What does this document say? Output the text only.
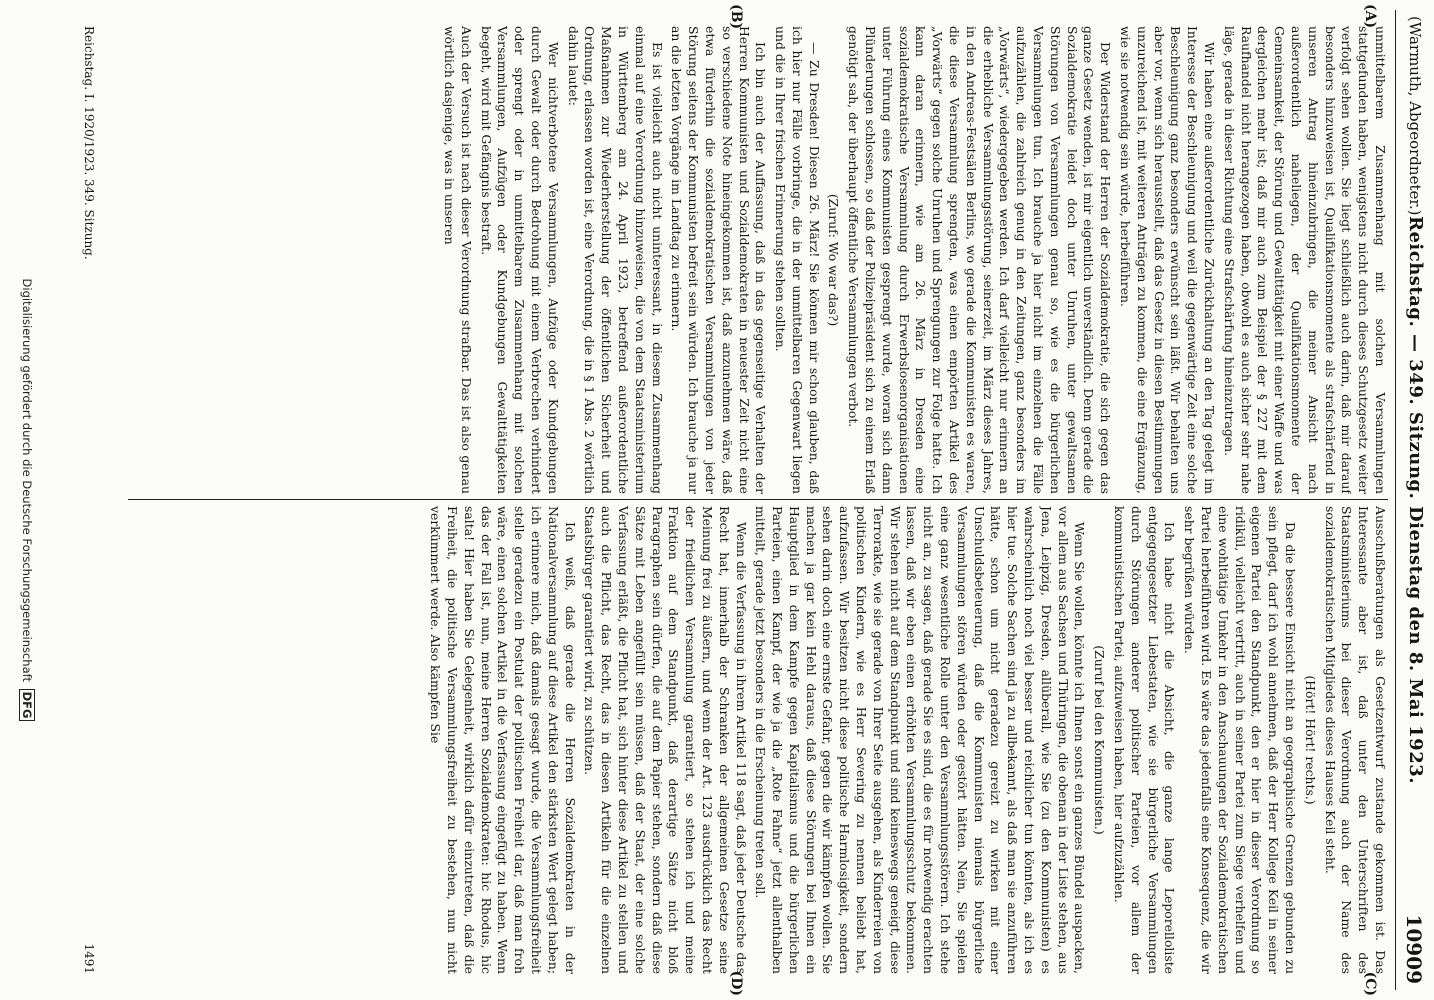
(Warmuth, Abgeordneter.)
Reichstag. — 349. Sitzung. Dienstag den 8. Mai 1923.
10909
(A)
(B)
(C)
(D)

unmittelbarem Zusammenhang mit solchen Versammlungen stattgefunden haben, wenigstens nicht durch dieses Schutzgesetz weiter verfolgt sehen wollen. Sie liegt schließlich auch darin, daß mir darauf besonders hinzuweisen ist, Qualifikationsmomente als strafschärfend in unseren Antrag hineinzubringen, die meiner Ansicht nach außerordentlich naheliegen, der Qualifikationsmomente der Gemeinsamkeit, der Störung und Gewalttätigkeit mit einer Waffe und was dergleichen mehr ist; daß mir auch zum Beispiel der § 227 mit dem Raufhandel nicht herangezogen haben, obwohl es auch sicher sehr nahe läge, gerade in dieser Richtung eine Strafschärfung hineinzutragen.

Wir haben eine außerordentliche Zurückhaltung an den Tag gelegt im Interesse der Beschleunigung und weil die gegenwärtige Zeit eine solche Beschleunigung ganz besonders erwünscht sein läßt. Wir behalten uns aber vor, wenn sich herausstellt, daß das Gesetz in diesen Bestimmungen unzureichend ist, mit weiteren Anträgen zu kommen, die eine Ergänzung, wie sie notwendig sein würde, herbeiführen.

Der Widerstand der Herren der Sozialdemokratie, die sich gegen das ganze Gesetz wenden, ist mir eigentlich unverständlich. Denn gerade die Sozialdemokratie leidet doch unter Unruhen, unter gewaltsamen Störungen von Versammlungen genau so, wie es die bürgerlichen Versammlungen tun. Ich brauche ja hier nicht im einzelnen die Fälle aufzuzählen, die zahlreich genug in den Zeitungen, ganz besonders im „Vorwärts“, wiedergegeben werden. Ich darf vielleicht nur erinnern an die erhebliche Versammlungsstörung, seinerzeit, im März dieses Jahres, in den Andreas-Festsälen Berlins, wo gerade die Kommunisten es waren, die diese Versammlung sprengten, was einen empörten Artikel des „Vorwärts“ gegen solche Unruhen und Sprengungen zur Folge hatte. Ich kann daran erinnern, wie am 26. März in Dresden eine sozialdemokratische Versammlung durch Erwerbslosenorganisationen unter Führung eines Kommunisten gesprengt wurde, woran sich dann Plünderungen schlossen, so daß der Polizeipräsident sich zu einem Erlaß genötigt sah, der überhaupt öffentliche Versammlungen verbot.

(Zuruf: Wo war das?)

— Zu Dresden! Diesen 26. März! Sie können mir schon glauben, daß ich hier nur Fälle vorbringe, die in der unmittelbaren Gegenwart liegen und die in Ihrer frischen Erinnerung stehen sollten.

Ich bin auch der Auffassung, daß in das gegenseitige Verhalten der Herren Kommunisten und Sozialdemokraten in neuester Zeit nicht eine so verschiedene Note hineingekommen ist, daß anzunehmen wäre, daß etwa fürderhin die sozialdemokratischen Versammlungen von jeder Störung seitens der Kommunisten befreit sein würden. Ich brauche ja nur an die letzten Vorgänge im Landtag zu erinnern.

Es ist vielleicht auch nicht uninteressant, in diesem Zusammenhang einmal auf eine Verordnung hinzuweisen, die von dem Staatsministerium in Württemberg am 24. April 1923, betreffend außerordentliche Maßnahmen zur Wiederherstellung der öffentlichen Sicherheit und Ordnung, erlassen worden ist, eine Verordnung, die in § 1 Abs. 2 wörtlich dahin lautet:

Wer nichtverbotene Versammlungen, Aufzüge oder Kundgebungen durch Gewalt oder durch Bedrohung mit einem Verbrechen verhindert oder sprengt oder in unmittelbarem Zusammenhang mit solchen Versammlungen, Aufzügen oder Kundgebungen Gewalttätigkeiten begeht, wird mit Gefängnis bestraft.

Auch der Versuch ist nach dieser Verordnung strafbar. Das ist also genau wörtlich dasjenige, was in unseren

Ausschußberatungen als Gesetzentwurf zustande gekommen ist. Das Interessante aber ist, daß unter den Unterschriften des Staatsministeriums bei dieser Verordnung auch der Name des sozialdemokratischen Mitgliedes dieses Hauses Keil steht.

(Hört! Hört! rechts.)

Da die bessere Einsicht nicht an geographische Grenzen gebunden zu sein pflegt, darf ich wohl annehmen, daß der Herr Kollege Keil in seiner eigenen Partei den Standpunkt, den er hier in dieser Verordnung so ridikül, vielleicht vertritt, auch in seiner Partei zum Siege verhelfen und eine wohltätige Umkehr in den Anschauungen der Sozialdemokratischen Partei herbeiführen wird. Es wäre das jedenfalls eine Konsequenz, die wir sehr begrüßen würden.

Ich habe nicht die Absicht, die ganze lange Leporelloliste entgegengesetzter Liebestaten, wie sie bürgerliche Versammlungen durch Störungen anderer politischer Parteien, vor allem der kommunistischen Partei, aufzuweisen haben, hier aufzuzählen.

(Zuruf bei den Kommunisten.)

Wenn Sie wollen, könnte ich Ihnen sonst ein ganzes Bündel auspacken, vor allem aus Sachsen und Thüringen, die obenan in der Liste stehen, aus Jena, Leipzig, Dresden, allüberall, wie Sie (zu den Kommunisten) es wahrscheinlich noch viel besser und reichlicher tun könnten, als ich es hier tue. Solche Sachen sind ja zu allbekannt, als daß man sie anzuführen hätte, schon um nicht geradezu gereizt zu wirken mit einer Unschuldsbeteuerung, daß die Kommunisten niemals bürgerliche Versammlungen stören würden oder gestört hätten. Nein, Sie spielen eine ganz wesentliche Rolle unter den Versammlungsstörern. Ich stehe nicht an, zu sagen, daß gerade Sie es sind, die es für notwendig erachten lassen, daß wir eben einen erhöhten Versammlungsschutz bekommen. Wir stehen nicht auf dem Standpunkt und sind keineswegs geneigt, diese Terrorakte, wie sie gerade von Ihrer Seite ausgehen, als Kinderreien von politischen Kindern, wie es Herr Severing zu nennen beliebt hat, aufzufassen. Wir besitzen nicht diese politische Harmlosigkeit, sondern sehen darin doch eine ernste Gefahr, gegen die wir kämpfen wollen. Sie machen ja gar kein Hehl daraus, daß diese Störungen bei Ihnen ein Hauptglied in dem Kampfe gegen Kapitalismus und die bürgerlichen Parteien, einen Kampf, der wie ja die „Rote Fahne“ jetzt allenthalben mitteilt, gerade jetzt besonders in die Erscheinung treten soll.

Wenn die Verfassung in ihrem Artikel 118 sagt, daß jeder Deutsche das Recht hat, innerhalb der Schranken der allgemeinen Gesetze seine Meinung frei zu äußern, und wenn der Art. 123 ausdrücklich das Recht der friedlichen Versammlung garantiert, so stehen ich und meine Fraktion auf dem Standpunkt, daß derartige Sätze nicht bloß Paragraphen sein dürfen, die auf dem Papier stehen, sondern daß diese Sätze mit Leben angefüllt sein müssen, daß der Staat, der eine solche Verfassung erläßt, die Pflicht hat, sich hinter diese Artikel zu stellen und auch die Pflicht, das Recht, das in diesen Artikeln für die einzelnen Staatsbürger garantiert wird, zu schützen.

Ich weiß, daß gerade die Herren Sozialdemokraten in der Nationalversammlung auf diese Artikel den stärksten Wert gelegt haben; ich erinnere mich, daß damals gesagt wurde, die Versammlungsfreiheit stelle geradezu ein Postulat der politischen Freiheit dar, daß man froh wäre, einen solchen Artikel in die Verfassung eingefügt zu haben. Wenn das der Fall ist, nun, meine Herren Sozialdemokraten: hic Rhodus, hic salta! Hier haben Sie Gelegenheit, wirklich dafür einzutreten, daß die Freiheit, die politische Versammlungsfreiheit zu bestehen, nun nicht verkümmert werde. Also kämpfen Sie

Reichstag. I. 1920/1923. 349. Sitzung.
1491
Digitalisierung gefördert durch die Deutsche Forschungsgemeinschaft DFG
